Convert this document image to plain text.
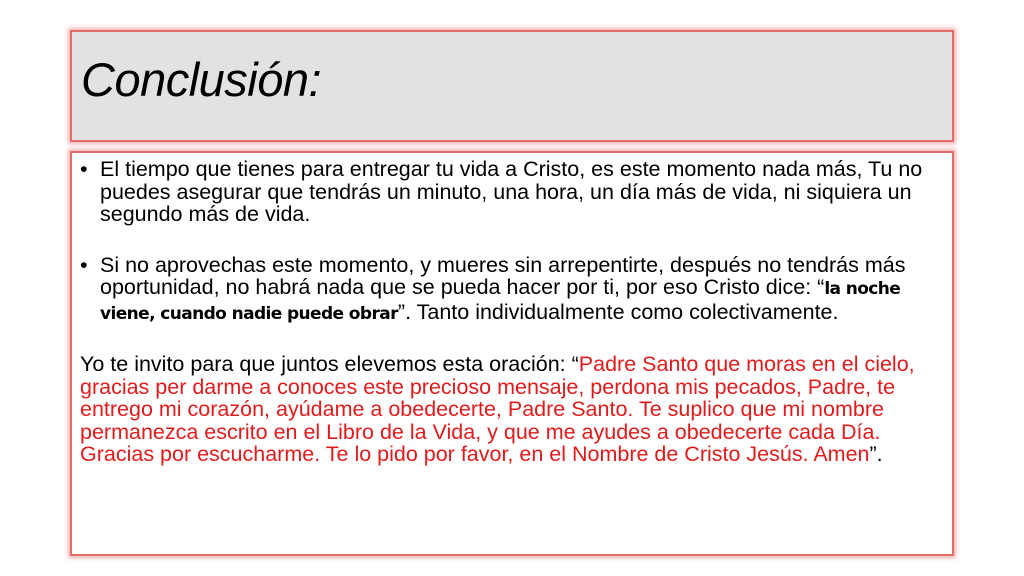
Conclusión:

• El tiempo que tienes para entregar tu vida a Cristo, es este momento nada más, Tu no puedes asegurar que tendrás un minuto, una hora, un día más de vida, ni siquiera un segundo más de vida.

• Si no aprovechas este momento, y mueres sin arrepentirte, después no tendrás más oportunidad, no habrá nada que se pueda hacer por ti, por eso Cristo dice: “la noche viene, cuando nadie puede obrar”. Tanto individualmente como colectivamente.

Yo te invito para que juntos elevemos esta oración: “Padre Santo que moras en el cielo, gracias per darme a conoces este precioso mensaje, perdona mis pecados, Padre, te entrego mi corazón, ayúdame a obedecerte, Padre Santo. Te suplico que mi nombre permanezca escrito en el Libro de la Vida, y que me ayudes a obedecerte cada Día. Gracias por escucharme. Te lo pido por favor, en el Nombre de Cristo Jesús. Amen”.
